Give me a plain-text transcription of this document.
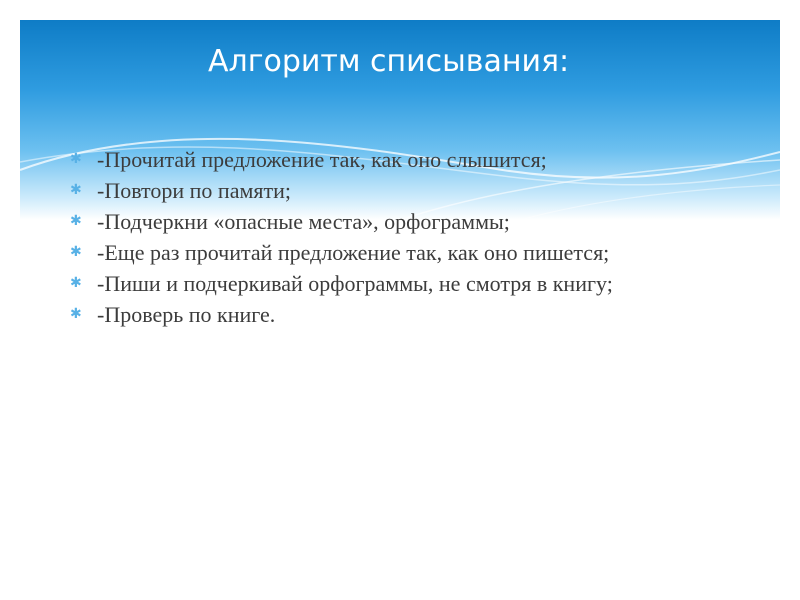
Алгоритм списывания:
✱ -Прочитай предложение так, как оно слышится;
✱ -Повтори по памяти;
✱ -Подчеркни «опасные места», орфограммы;
✱ -Еще раз прочитай предложение так, как оно пишется;
✱ -Пиши и подчеркивай орфограммы, не смотря в книгу;
✱ -Проверь по книге.
